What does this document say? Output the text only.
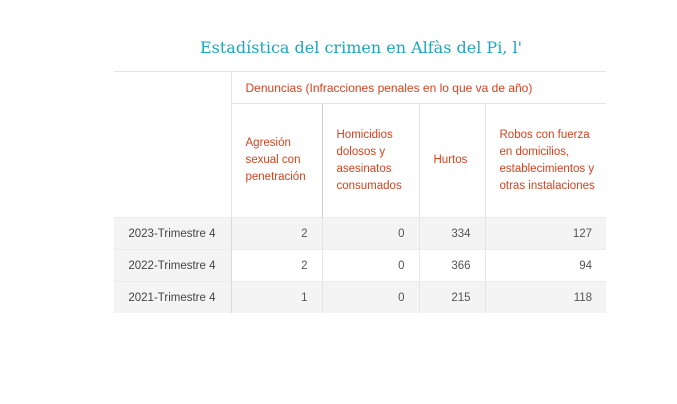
Estadística del crimen en Alfàs del Pi, l'
	Denuncias (Infracciones penales en lo que va de año)			
	Agresión sexual con penetración	Homicidios dolosos y asesinatos consumados	Hurtos	Robos con fuerza en domicilios, establecimientos y otras instalaciones
2023-Trimestre 4	2	0	334	127
2022-Trimestre 4	2	0	366	94
2021-Trimestre 4	1	0	215	118
